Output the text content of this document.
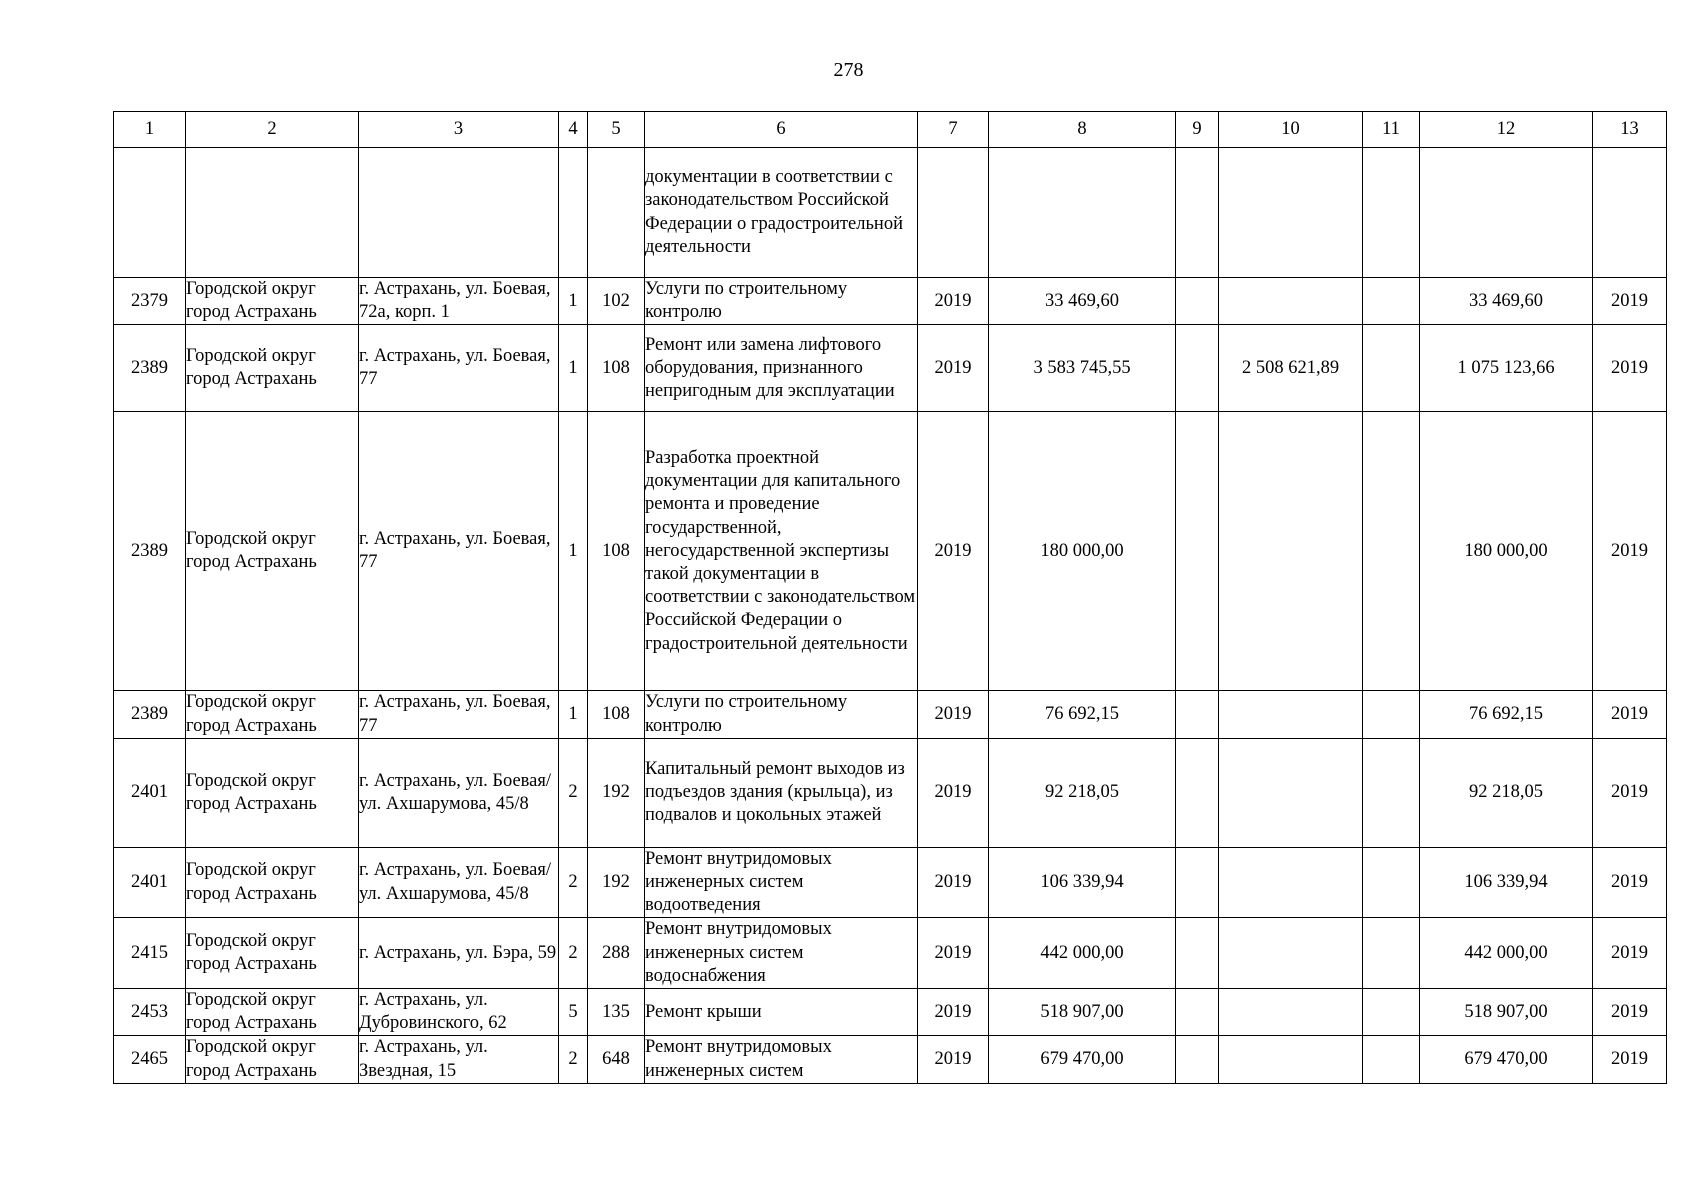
278
1	2	3	4	5	6	7	8	9	10	11	12	13
					документации в соответствии с законодательством Российской Федерации о градостроительной деятельности							
2379	Городской округ город Астрахань	г. Астрахань, ул. Боевая, 72а, корп. 1	1	102	Услуги по строительному контролю	2019	33 469,60				33 469,60	2019
2389	Городской округ город Астрахань	г. Астрахань, ул. Боевая, 77	1	108	Ремонт или замена лифтового оборудования, признанного непригодным для эксплуатации	2019	3 583 745,55		2 508 621,89		1 075 123,66	2019
2389	Городской округ город Астрахань	г. Астрахань, ул. Боевая, 77	1	108	Разработка проектной документации для капитального ремонта и проведение государственной, негосударственной экспертизы такой документации в соответствии с законодательством Российской Федерации о градостроительной деятельности	2019	180 000,00				180 000,00	2019
2389	Городской округ город Астрахань	г. Астрахань, ул. Боевая, 77	1	108	Услуги по строительному контролю	2019	76 692,15				76 692,15	2019
2401	Городской округ город Астрахань	г. Астрахань, ул. Боевая/ ул. Ахшарумова, 45/8	2	192	Капитальный ремонт выходов из подъездов здания (крыльца), из подвалов и цокольных этажей	2019	92 218,05				92 218,05	2019
2401	Городской округ город Астрахань	г. Астрахань, ул. Боевая/ ул. Ахшарумова, 45/8	2	192	Ремонт внутридомовых инженерных систем водоотведения	2019	106 339,94				106 339,94	2019
2415	Городской округ город Астрахань	г. Астрахань, ул. Бэра, 59	2	288	Ремонт внутридомовых инженерных систем водоснабжения	2019	442 000,00				442 000,00	2019
2453	Городской округ город Астрахань	г. Астрахань, ул. Дубровинского, 62	5	135	Ремонт крыши	2019	518 907,00				518 907,00	2019
2465	Городской округ город Астрахань	г. Астрахань, ул. Звездная, 15	2	648	Ремонт внутридомовых инженерных систем	2019	679 470,00				679 470,00	2019
